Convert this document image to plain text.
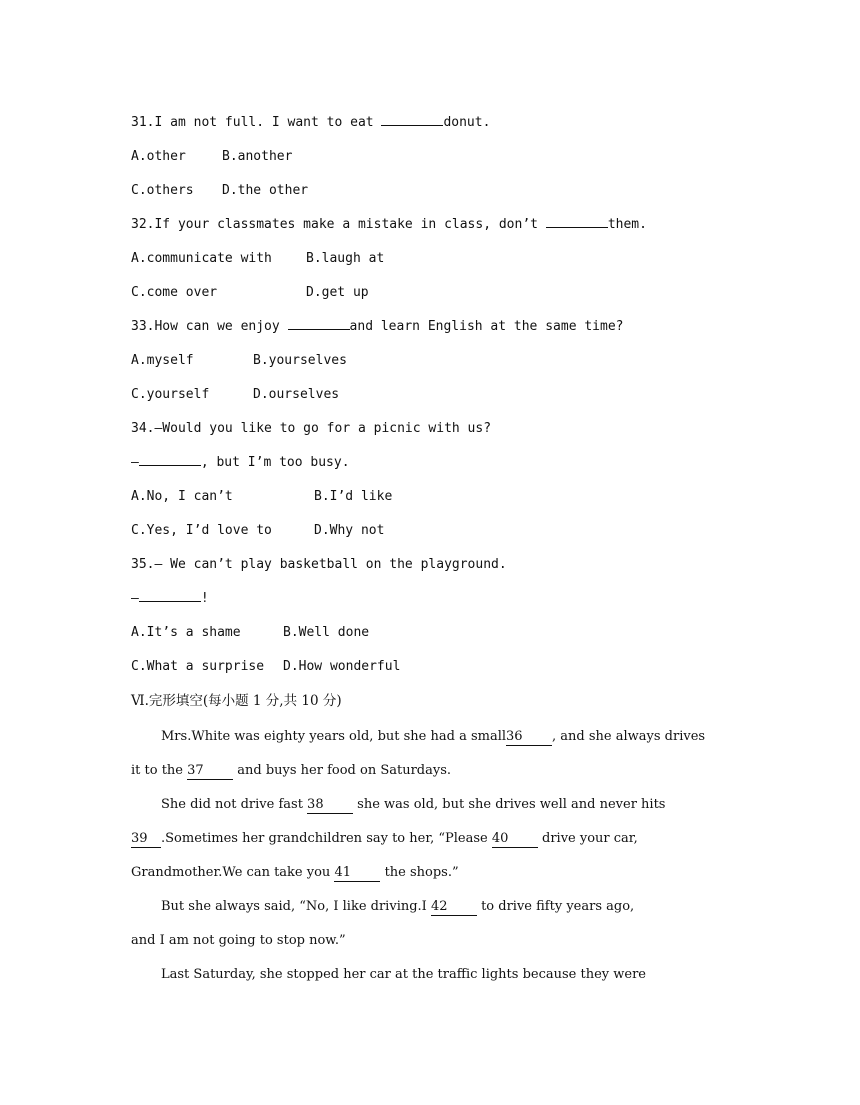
31.I am not full. I want to eat	donut.
A.other	B.another
C.others D.the other
32.If your classmates make a mistake in class, don’t	them.
A.communicate with	B.laugh at
C.come over	D.get up
33.How can we enjoy	and learn English at the same time?
A.myself	B.yourselves
C.yourself	D.ourselves
34.—Would you like to go for a picnic with us?
—	, but I’m too busy.
A.No, I can’t	B.I’d like
C.Yes, I’d love to	D.Why not
35.— We can’t play basketball on the playground.
—	!
A.It’s a shame	B.Well done
C.What a surprise D.How wonderful
Ⅵ.完形填空(每小题 1 分,共 10 分)
Mrs.White was eighty years old, but she had a small36 , and she always drives
it to the 37 and buys her food on Saturdays.
She did not drive fast 38 she was old, but she drives well and never hits
39 .Sometimes her grandchildren say to her, “Please 40 drive your car,
Grandmother.We can take you 41 the shops.”
But she always said, “No, I like driving.I 42 to drive fifty years ago,
and I am not going to stop now.”
Last Saturday, she stopped her car at the traffic lights because they were
